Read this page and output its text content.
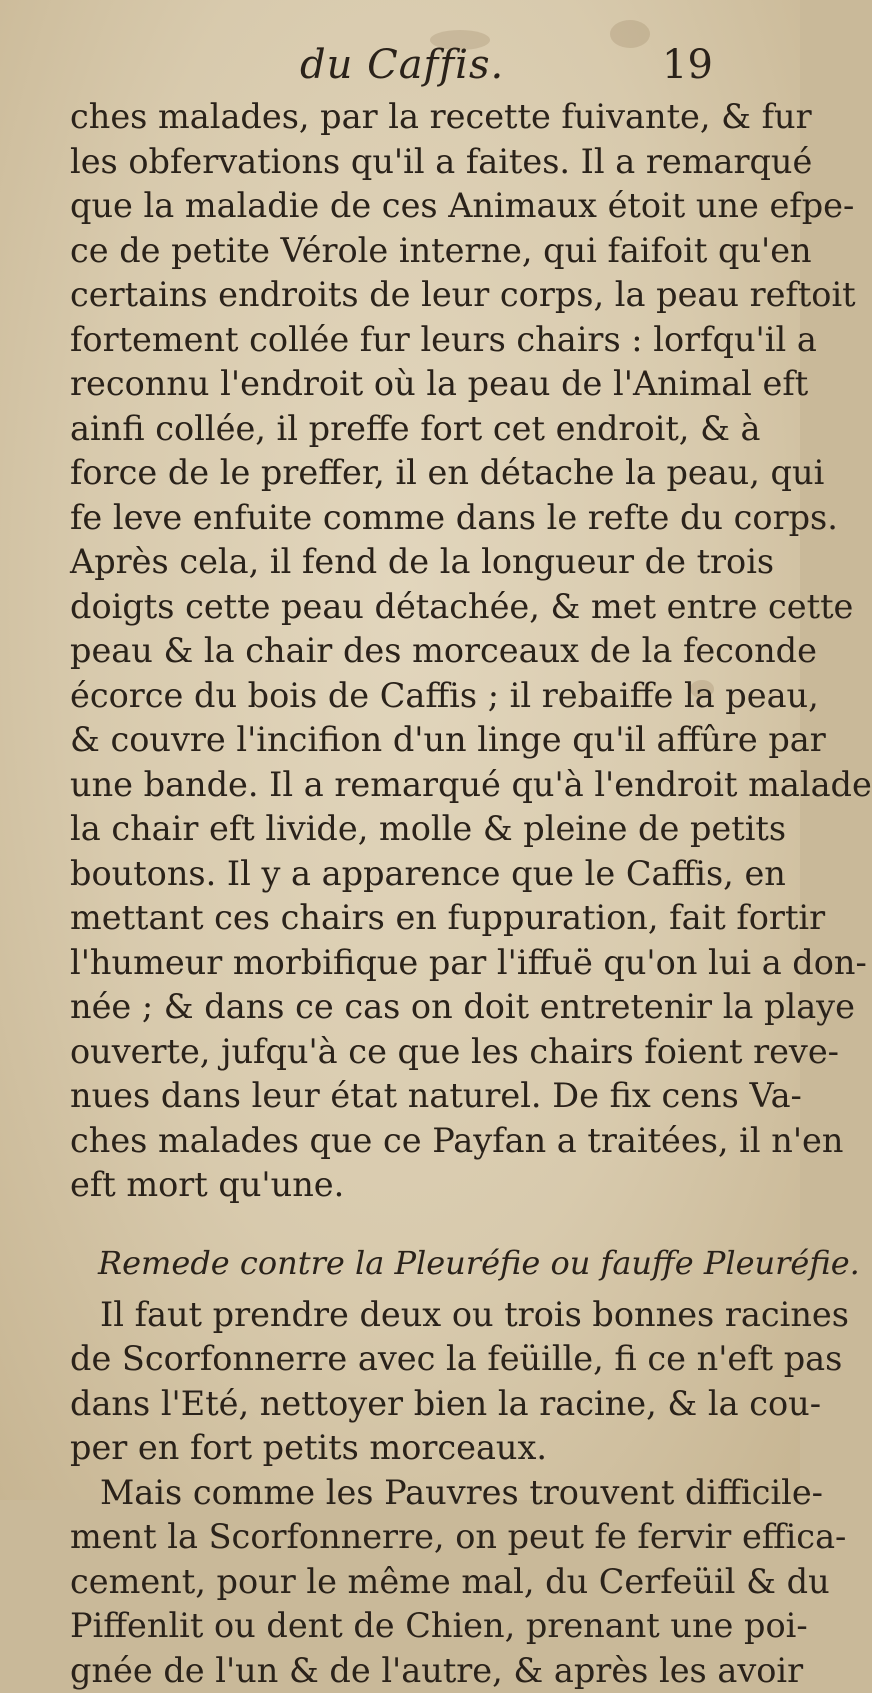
du Caffis.	19
ches malades, par la recette fuivante, & fur
les obfervations qu'il a faites. Il a remarqué
que la maladie de ces Animaux étoit une efpe-
ce de petite Vérole interne, qui faifoit qu'en
certains endroits de leur corps, la peau reftoit
fortement collée fur leurs chairs : lorfqu'il a
reconnu l'endroit où la peau de l'Animal eft
ainfi collée, il preffe fort cet endroit, & à
force de le preffer, il en détache la peau, qui
fe leve enfuite comme dans le refte du corps.
Après cela, il fend de la longueur de trois
doigts cette peau détachée, & met entre cette
peau & la chair des morceaux de la feconde
écorce du bois de Caffis ; il rebaiffe la peau,
& couvre l'incifion d'un linge qu'il affûre par
une bande. Il a remarqué qu'à l'endroit malade
la chair eft livide, molle & pleine de petits
boutons. Il y a apparence que le Caffis, en
mettant ces chairs en fuppuration, fait fortir
l'humeur morbifique par l'iffuë qu'on lui a don-
née ; & dans ce cas on doit entretenir la playe
ouverte, jufqu'à ce que les chairs foient reve-
nues dans leur état naturel. De fix cens Va-
ches malades que ce Payfan a traitées, il n'en
eft mort qu'une.
Remede contre la Pleuréfie ou fauffe Pleuréfie.
Il faut prendre deux ou trois bonnes racines
de Scorfonnerre avec la feüille, fi ce n'eft pas
dans l'Eté, nettoyer bien la racine, & la cou-
per en fort petits morceaux.
Mais comme les Pauvres trouvent difficile-
ment la Scorfonnerre, on peut fe fervir effica-
cement, pour le même mal, du Cerfeüil & du
Piffenlit ou dent de Chien, prenant une poi-
gnée de l'un & de l'autre, & après les avoir
